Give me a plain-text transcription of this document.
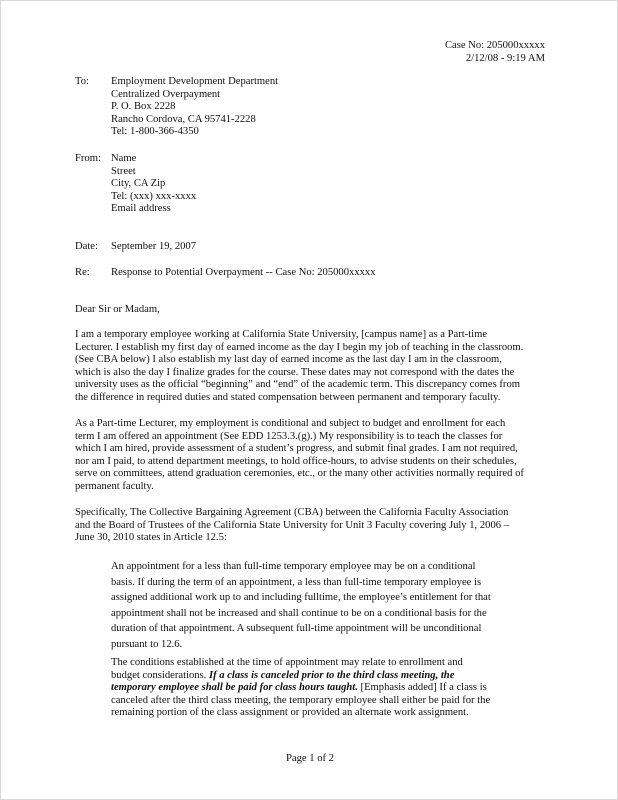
Case No: 205000xxxxx
2/12/08 - 9:19 AM
To: Employment Development Department
Centralized Overpayment
P. O. Box 2228
Rancho Cordova, CA 95741-2228
Tel: 1-800-366-4350
From: Name
Street
City, CA Zip
Tel: (xxx) xxx-xxxx
Email address
Date: September 19, 2007
Re: Response to Potential Overpayment -- Case No: 205000xxxxx
Dear Sir or Madam,
I am a temporary employee working at California State University, [campus name] as a Part-time
Lecturer. I establish my first day of earned income as the day I begin my job of teaching in the classroom.
(See CBA below) I also establish my last day of earned income as the last day I am in the classroom,
which is also the day I finalize grades for the course. These dates may not correspond with the dates the
university uses as the official “beginning” and “end” of the academic term. This discrepancy comes from
the difference in required duties and stated compensation between permanent and temporary faculty.
As a Part-time Lecturer, my employment is conditional and subject to budget and enrollment for each
term I am offered an appointment (See EDD 1253.3.(g).) My responsibility is to teach the classes for
which I am hired, provide assessment of a student’s progress, and submit final grades. I am not required,
nor am I paid, to attend department meetings, to hold office-hours, to advise students on their schedules,
serve on committees, attend graduation ceremonies, etc., or the many other activities normally required of
permanent faculty.
Specifically, The Collective Bargaining Agreement (CBA) between the California Faculty Association
and the Board of Trustees of the California State University for Unit 3 Faculty covering July 1, 2006 –
June 30, 2010 states in Article 12.5:
An appointment for a less than full-time temporary employee may be on a conditional
basis. If during the term of an appointment, a less than full-time temporary employee is
assigned additional work up to and including fulltime, the employee’s entitlement for that
appointment shall not be increased and shall continue to be on a conditional basis for the
duration of that appointment. A subsequent full-time appointment will be unconditional
pursuant to 12.6.
The conditions established at the time of appointment may relate to enrollment and
budget considerations. If a class is canceled prior to the third class meeting, the
temporary employee shall be paid for class hours taught. [Emphasis added] If a class is
canceled after the third class meeting, the temporary employee shall either be paid for the
remaining portion of the class assignment or provided an alternate work assignment.
Page 1 of 2
